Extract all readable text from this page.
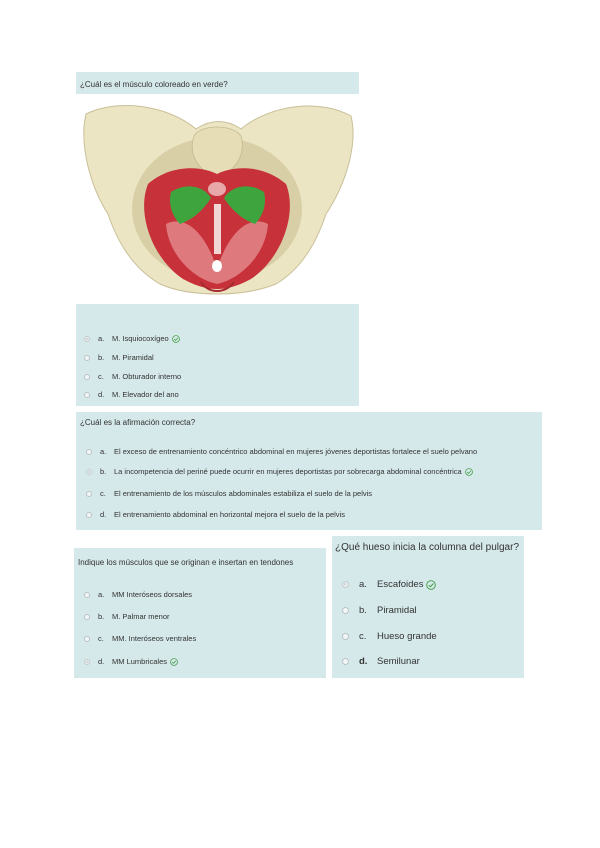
¿Cuál es el músculo coloreado en verde?
a.	M. Isquiocoxígeo
b.	M. Piramidal
c.	M. Obturador interno
d.	M. Elevador del ano
¿Cuál es la afirmación correcta?
a.	El exceso de entrenamiento concéntrico abdominal en mujeres jóvenes deportistas fortalece el suelo pelvano
b.	La incompetencia del periné puede ocurrir en mujeres deportistas por sobrecarga abdominal concéntrica
c.	El entrenamiento de los músculos abdominales estabiliza el suelo de la pelvis
d.	El entrenamiento abdominal en horizontal mejora el suelo de la pelvis
Indique los músculos que se originan e insertan en tendones
a.	MM Interóseos dorsales
b.	M. Palmar menor
c.	MM. Interóseos ventrales
d.	MM Lumbricales
¿Qué hueso inicia la columna del pulgar?
a.	Escafoides
b.	Piramidal
c.	Hueso grande
d.	Semilunar
